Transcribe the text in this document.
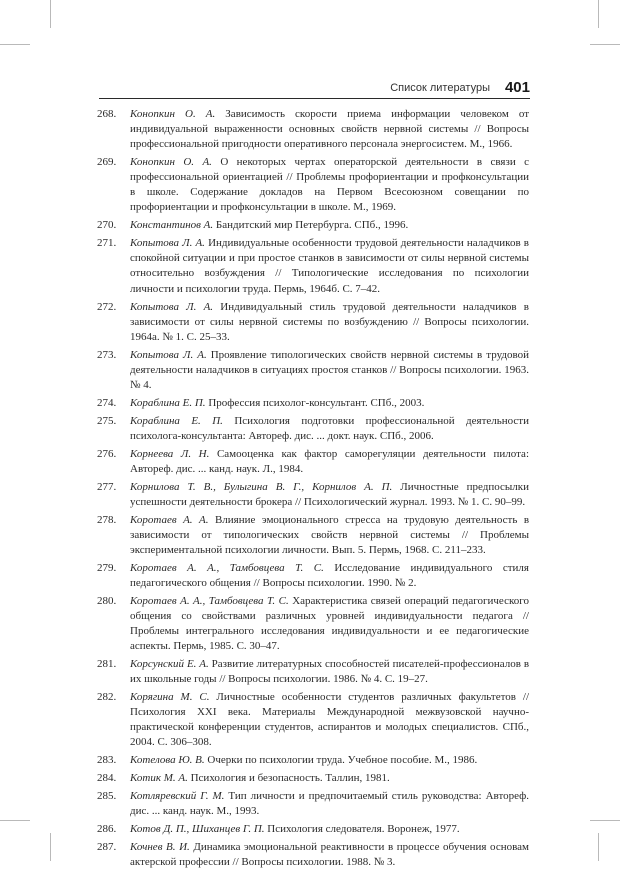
Список литературы 401
268. Конопкин О. А. Зависимость скорости приема информации человеком от индивидуальной выраженности основных свойств нервной системы // Вопросы профессиональной пригодности оперативного персонала энергосистем. М., 1966.
269. Конопкин О. А. О некоторых чертах операторской деятельности в связи с профессиональной ориентацией // Проблемы профориентации и профконсультации в школе. Содержание докладов на Первом Всесоюзном совещании по профориентации и профконсультации в школе. М., 1969.
270. Константинов А. Бандитский мир Петербурга. СПб., 1996.
271. Копытова Л. А. Индивидуальные особенности трудовой деятельности наладчиков в спокойной ситуации и при простое станков в зависимости от силы нервной системы относительно возбуждения // Типологические исследования по психологии личности и психологии труда. Пермь, 1964б. С. 7–42.
272. Копытова Л. А. Индивидуальный стиль трудовой деятельности наладчиков в зависимости от силы нервной системы по возбуждению // Вопросы психологии. 1964а. № 1. С. 25–33.
273. Копытова Л. А. Проявление типологических свойств нервной системы в трудовой деятельности наладчиков в ситуациях простоя станков // Вопросы психологии. 1963. № 4.
274. Кораблина Е. П. Профессия психолог-консультант. СПб., 2003.
275. Кораблина Е. П. Психология подготовки профессиональной деятельности психолога-консультанта: Автореф. дис. ... докт. наук. СПб., 2006.
276. Корнеева Л. Н. Самооценка как фактор саморегуляции деятельности пилота: Автореф. дис. ... канд. наук. Л., 1984.
277. Корнилова Т. В., Булыгина В. Г., Корнилов А. П. Личностные предпосылки успешности деятельности брокера // Психологический журнал. 1993. № 1. С. 90–99.
278. Коротаев А. А. Влияние эмоционального стресса на трудовую деятельность в зависимости от типологических свойств нервной системы // Проблемы экспериментальной психологии личности. Вып. 5. Пермь, 1968. С. 211–233.
279. Коротаев А. А., Тамбовцева Т. С. Исследование индивидуального стиля педагогического общения // Вопросы психологии. 1990. № 2.
280. Коротаев А. А., Тамбовцева Т. С. Характеристика связей операций педагогического общения со свойствами различных уровней индивидуальности педагога // Проблемы интегрального исследования индивидуальности и ее педагогические аспекты. Пермь, 1985. С. 30–47.
281. Корсунский Е. А. Развитие литературных способностей писателей-профессионалов в их школьные годы // Вопросы психологии. 1986. № 4. С. 19–27.
282. Корягина М. С. Личностные особенности студентов различных факультетов // Психология XXI века. Материалы Международной межвузовской научно-практической конференции студентов, аспирантов и молодых специалистов. СПб., 2004. С. 306–308.
283. Котелова Ю. В. Очерки по психологии труда. Учебное пособие. М., 1986.
284. Котик М. А. Психология и безопасность. Таллин, 1981.
285. Котляревский Г. М. Тип личности и предпочитаемый стиль руководства: Автореф. дис. ... канд. наук. М., 1993.
286. Котов Д. П., Шиханцев Г. П. Психология следователя. Воронеж, 1977.
287. Кочнев В. И. Динамика эмоциональной реактивности в процессе обучения основам актерской профессии // Вопросы психологии. 1988. № 3.
